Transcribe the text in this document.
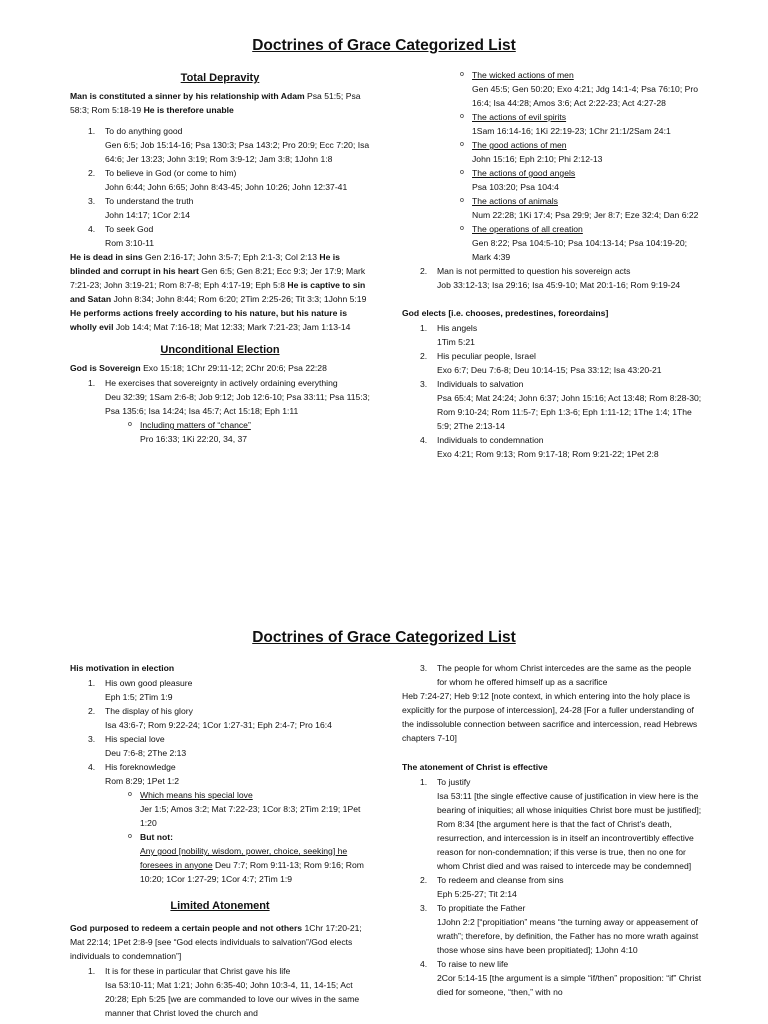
Doctrines of Grace Categorized List
Total Depravity
Man is constituted a sinner by his relationship with Adam Psa 51:5; Psa 58:3; Rom 5:18-19 He is therefore unable
1. To do anything good
Gen 6:5; Job 15:14-16; Psa 130:3; Psa 143:2; Pro 20:9; Ecc 7:20; Isa 64:6; Jer 13:23; John 3:19; Rom 3:9-12; Jam 3:8; 1John 1:8
2. To believe in God (or come to him)
John 6:44; John 6:65; John 8:43-45; John 10:26; John 12:37-41
3. To understand the truth
John 14:17; 1Cor 2:14
4. To seek God
Rom 3:10-11
He is dead in sins Gen 2:16-17; John 3:5-7; Eph 2:1-3; Col 2:13 He is blinded and corrupt in his heart Gen 6:5; Gen 8:21; Ecc 9:3; Jer 17:9; Mark 7:21-23; John 3:19-21; Rom 8:7-8; Eph 4:17-19; Eph 5:8 He is captive to sin and Satan John 8:34; John 8:44; Rom 6:20; 2Tim 2:25-26; Tit 3:3; 1John 5:19 He performs actions freely according to his nature, but his nature is wholly evil Job 14:4; Mat 7:16-18; Mat 12:33; Mark 7:21-23; Jam 1:13-14
Unconditional Election
God is Sovereign Exo 15:18; 1Chr 29:11-12; 2Chr 20:6; Psa 22:28
1. He exercises that sovereignty in actively ordaining everything
Deu 32:39; 1Sam 2:6-8; Job 9:12; Job 12:6-10; Psa 33:11; Psa 115:3; Psa 135:6; Isa 14:24; Isa 45:7; Act 15:18; Eph 1:11
o Including matters of “chance”
Pro 16:33; 1Ki 22:20, 34, 37
o The wicked actions of men
Gen 45:5; Gen 50:20; Exo 4:21; Jdg 14:1-4; Psa 76:10; Pro 16:4; Isa 44:28; Amos 3:6; Act 2:22-23; Act 4:27-28
o The actions of evil spirits
1Sam 16:14-16; 1Ki 22:19-23; 1Chr 21:1/2Sam 24:1
o The good actions of men
John 15:16; Eph 2:10; Phi 2:12-13
o The actions of good angels
Psa 103:20; Psa 104:4
o The actions of animals
Num 22:28; 1Ki 17:4; Psa 29:9; Jer 8:7; Eze 32:4; Dan 6:22
o The operations of all creation
Gen 8:22; Psa 104:5-10; Psa 104:13-14; Psa 104:19-20; Mark 4:39
2. Man is not permitted to question his sovereign acts
Job 33:12-13; Isa 29:16; Isa 45:9-10; Mat 20:1-16; Rom 9:19-24
God elects [i.e. chooses, predestines, foreordains]
1. His angels
1Tim 5:21
2. His peculiar people, Israel
Exo 6:7; Deu 7:6-8; Deu 10:14-15; Psa 33:12; Isa 43:20-21
3. Individuals to salvation
Psa 65:4; Mat 24:24; John 6:37; John 15:16; Act 13:48; Rom 8:28-30; Rom 9:10-24; Rom 11:5-7; Eph 1:3-6; Eph 1:11-12; 1The 1:4; 1The 5:9; 2The 2:13-14
4. Individuals to condemnation
Exo 4:21; Rom 9:13; Rom 9:17-18; Rom 9:21-22; 1Pet 2:8
Doctrines of Grace Categorized List
His motivation in election
1. His own good pleasure
Eph 1:5; 2Tim 1:9
2. The display of his glory
Isa 43:6-7; Rom 9:22-24; 1Cor 1:27-31; Eph 2:4-7; Pro 16:4
3. His special love
Deu 7:6-8; 2The 2:13
4. His foreknowledge
Rom 8:29; 1Pet 1:2
o Which means his special love
Jer 1:5; Amos 3:2; Mat 7:22-23; 1Cor 8:3; 2Tim 2:19; 1Pet 1:20
o But not:
Any good [nobility, wisdom, power, choice, seeking] he foresees in anyone Deu 7:7; Rom 9:11-13; Rom 9:16; Rom 10:20; 1Cor 1:27-29; 1Cor 4:7; 2Tim 1:9
Limited Atonement
God purposed to redeem a certain people and not others 1Chr 17:20-21; Mat 22:14; 1Pet 2:8-9 [see “God elects individuals to salvation”/God elects individuals to condemnation”]
1. It is for these in particular that Christ gave his life
Isa 53:10-11; Mat 1:21; John 6:35-40; John 10:3-4, 11, 14-15; Act 20:28; Eph 5:25 [we are commanded to love our wives in the same manner that Christ loved the church and
3. The people for whom Christ intercedes are the same as the people for whom he offered himself up as a sacrifice
Heb 7:24-27; Heb 9:12 [note context, in which entering into the holy place is explicitly for the purpose of intercession], 24-28 [For a fuller understanding of the indissoluble connection between sacrifice and intercession, read Hebrews chapters 7-10]
The atonement of Christ is effective
1. To justify
Isa 53:11 [the single effective cause of justification in view here is the bearing of iniquities; all whose iniquities Christ bore must be justified]; Rom 8:34 [the argument here is that the fact of Christ’s death, resurrection, and intercession is in itself an incontrovertibly effective reason for non-condemnation; if this verse is true, then no one for whom Christ died and was raised to intercede may be condemned]
2. To redeem and cleanse from sins
Eph 5:25-27; Tit 2:14
3. To propitiate the Father
1John 2:2 [“propitiation” means “the turning away or appeasement of wrath”; therefore, by definition, the Father has no more wrath against those whose sins have been propitiated]; 1John 4:10
4. To raise to new life
2Cor 5:14-15 [the argument is a simple “if/then” proposition: “if” Christ died for someone, “then,” with no
